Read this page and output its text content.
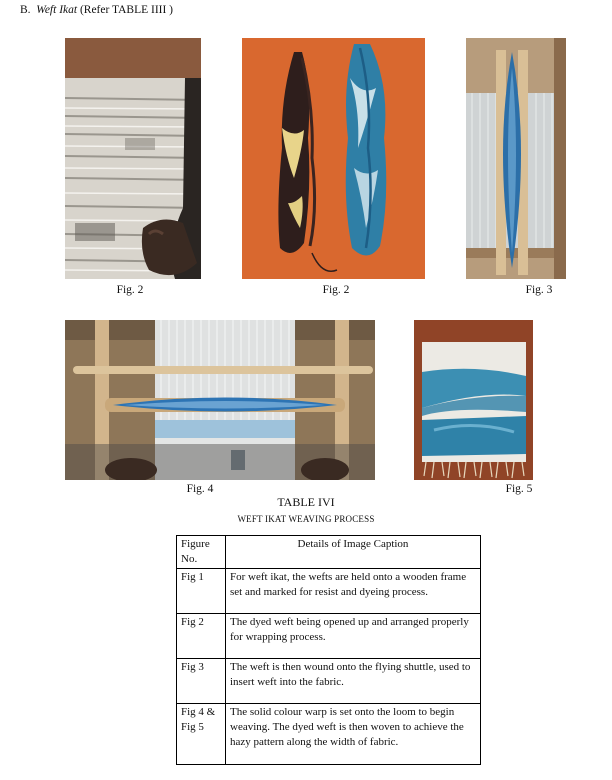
B. Weft Ikat (Refer TABLE IIII )
Fig. 2	Fig. 2	Fig. 3
Fig. 4	Fig. 5
TABLE IVI
WEFT IKAT WEAVING PROCESS
Figure No.	Details of Image Caption
Fig 1	For weft ikat, the wefts are held onto a wooden frame set and marked for resist and dyeing process.
Fig 2	The dyed weft being opened up and arranged properly for wrapping process.
Fig 3	The weft is then wound onto the flying shuttle, used to insert weft into the fabric.
Fig 4 & Fig 5	The solid colour warp is set onto the loom to begin weaving. The dyed weft is then woven to achieve the hazy pattern along the width of fabric.
